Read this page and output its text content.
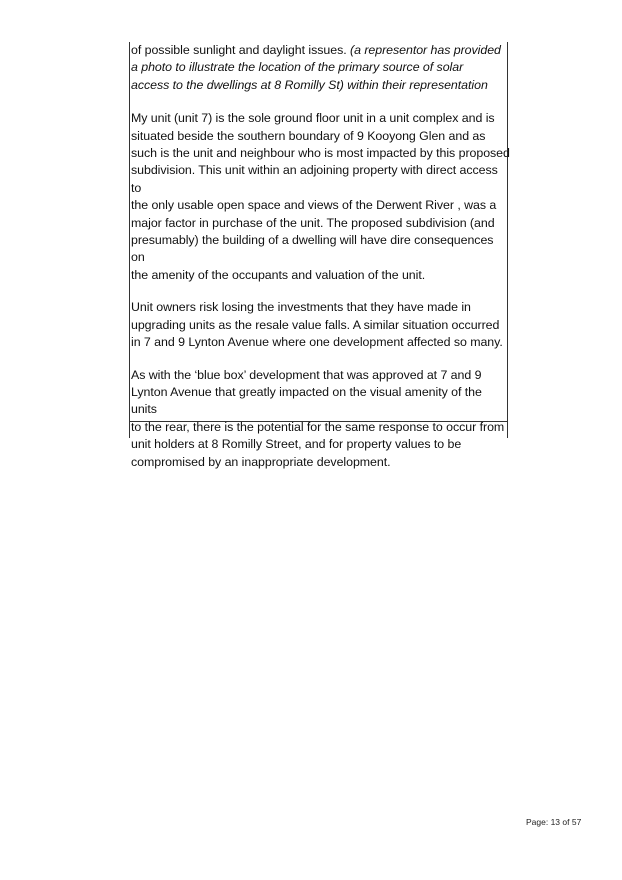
of possible sunlight and daylight issues. (a representor has provided
a photo to illustrate the location of the primary source of solar
access to the dwellings at 8 Romilly St) within their representation

My unit (unit 7) is the sole ground floor unit in a unit complex and is
situated beside the southern boundary of 9 Kooyong Glen and as
such is the unit and neighbour who is most impacted by this proposed
subdivision. This unit within an adjoining property with direct access to
the only usable open space and views of the Derwent River , was a
major factor in purchase of the unit. The proposed subdivision (and
presumably) the building of a dwelling will have dire consequences on
the amenity of the occupants and valuation of the unit.

Unit owners risk losing the investments that they have made in
upgrading units as the resale value falls. A similar situation occurred
in 7 and 9 Lynton Avenue where one development affected so many.

As with the ‘blue box’ development that was approved at 7 and 9
Lynton Avenue that greatly impacted on the visual amenity of the units
to the rear, there is the potential for the same response to occur from
unit holders at 8 Romilly Street, and for property values to be
compromised by an inappropriate development.

Page: 13 of 57
